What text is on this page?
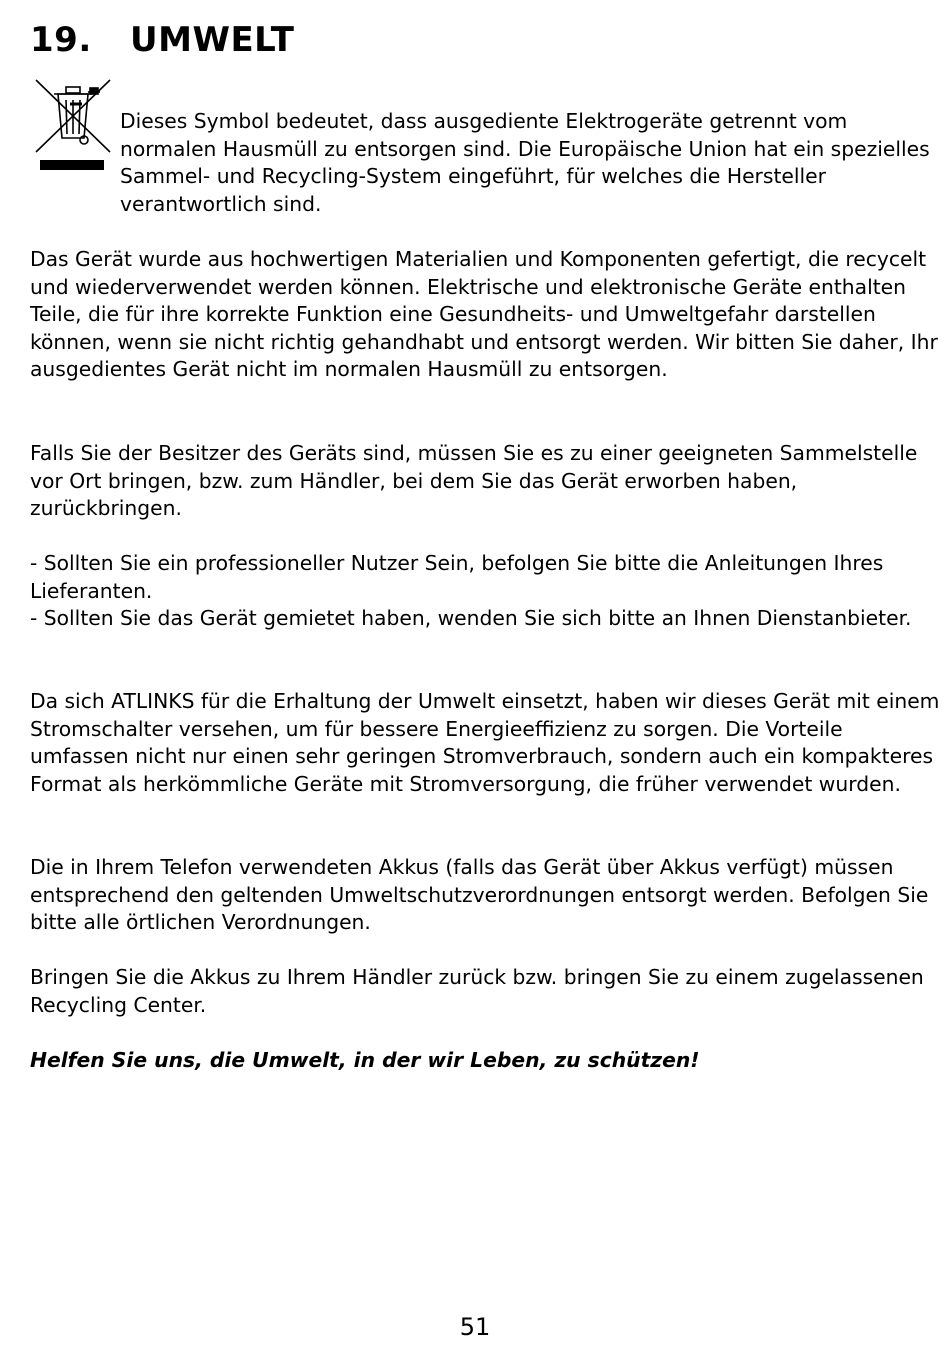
19. UMWELT

Dieses Symbol bedeutet, dass ausgediente Elektrogeräte getrennt vom normalen Hausmüll zu entsorgen sind. Die Europäische Union hat ein spezielles Sammel- und Recycling-System eingeführt, für welches die Hersteller verantwortlich sind.

Das Gerät wurde aus hochwertigen Materialien und Komponenten gefertigt, die recycelt und wiederverwendet werden können. Elektrische und elektronische Geräte enthalten Teile, die für ihre korrekte Funktion eine Gesundheits- und Umweltgefahr darstellen können, wenn sie nicht richtig gehandhabt und entsorgt werden. Wir bitten Sie daher, Ihr ausgedientes Gerät nicht im normalen Hausmüll zu entsorgen.

Falls Sie der Besitzer des Geräts sind, müssen Sie es zu einer geeigneten Sammelstelle vor Ort bringen, bzw. zum Händler, bei dem Sie das Gerät erworben haben, zurückbringen.

- Sollten Sie ein professioneller Nutzer Sein, befolgen Sie bitte die Anleitungen Ihres Lieferanten.

- Sollten Sie das Gerät gemietet haben, wenden Sie sich bitte an Ihnen Dienstanbieter.

Da sich ATLINKS für die Erhaltung der Umwelt einsetzt, haben wir dieses Gerät mit einem Stromschalter versehen, um für bessere Energieeffizienz zu sorgen. Die Vorteile umfassen nicht nur einen sehr geringen Stromverbrauch, sondern auch ein kompakteres Format als herkömmliche Geräte mit Stromversorgung, die früher verwendet wurden.

Die in Ihrem Telefon verwendeten Akkus (falls das Gerät über Akkus verfügt) müssen entsprechend den geltenden Umweltschutzverordnungen entsorgt werden. Befolgen Sie bitte alle örtlichen Verordnungen.

Bringen Sie die Akkus zu Ihrem Händler zurück bzw. bringen Sie zu einem zugelassenen Recycling Center.

Helfen Sie uns, die Umwelt, in der wir Leben, zu schützen!

51
